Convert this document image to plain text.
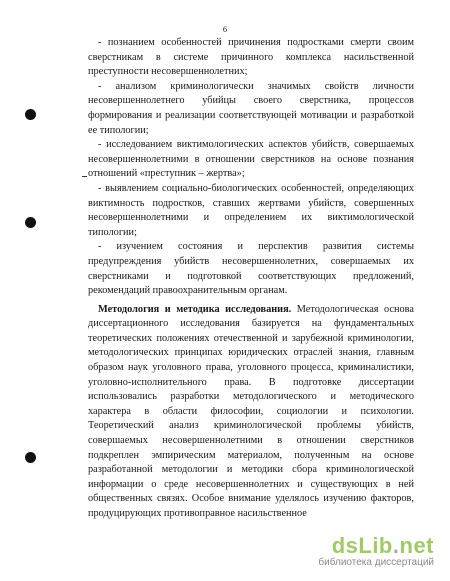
6

- познанием особенностей причинения подростками смерти своим сверстникам в системе причинного комплекса насильственной преступности несовершеннолетних;

- анализом криминологически значимых свойств личности несовершеннолетнего убийцы своего сверстника, процессов формирования и реализации соответствующей мотивации и разработкой ее типологии;

- исследованием виктимологических аспектов убийств, совершаемых несовершеннолетними в отношении сверстников на основе познания отношений «преступник – жертва»;

- выявлением социально-биологических особенностей, определяющих виктимность подростков, ставших жертвами убийств, совершенных несовершеннолетними и определением их виктимологической типологии;

- изучением состояния и перспектив развития системы предупреждения убийств несовершеннолетних, совершаемых их сверстниками и подготовкой соответствующих предложений, рекомендаций правоохранительным органам.

Методология и методика исследования. Методологическая основа диссертационного исследования базируется на фундаментальных теоретических положениях отечественной и зарубежной криминологии, методологических принципах юридических отраслей знания, главным образом наук уголовного права, уголовного процесса, криминалистики, уголовно-исполнительного права. В подготовке диссертации использовались разработки методологического и методического характера в области философии, социологии и психологии. Теоретический анализ криминологической проблемы убийств, совершаемых несовершеннолетними в отношении сверстников подкреплен эмпирическим материалом, полученным на основе разработанной методологии и методики сбора криминологической информации о среде несовершеннолетних и существующих в ней общественных связях. Особое внимание уделялось изучению факторов, продуцирующих противоправное насильственное

dsLib.net
библиотека диссертаций
